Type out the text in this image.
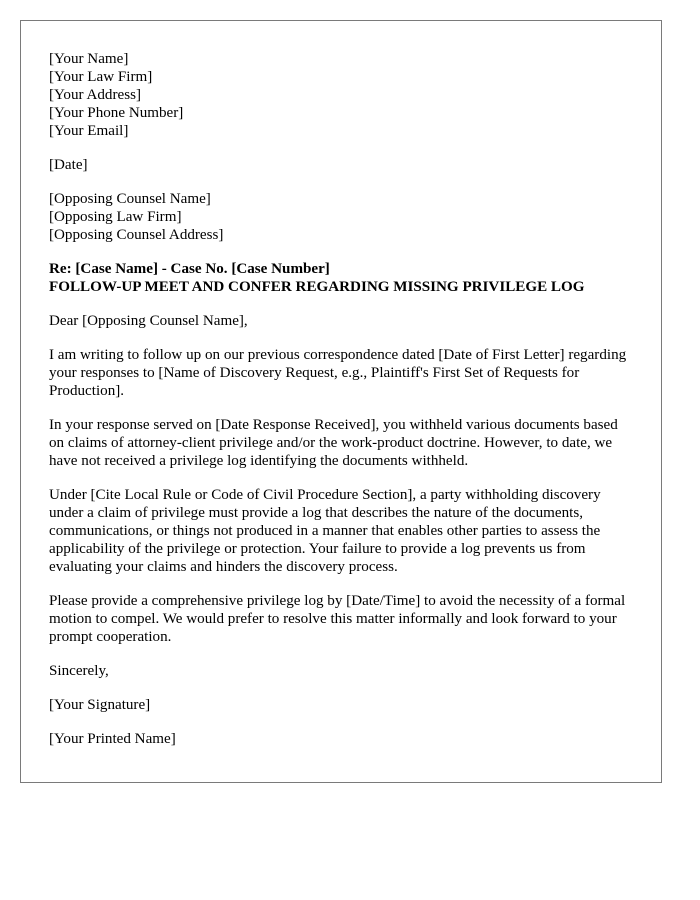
[Your Name]
[Your Law Firm]
[Your Address]
[Your Phone Number]
[Your Email]
[Date]
[Opposing Counsel Name]
[Opposing Law Firm]
[Opposing Counsel Address]
Re: [Case Name] - Case No. [Case Number]
FOLLOW-UP MEET AND CONFER REGARDING MISSING PRIVILEGE LOG

Dear [Opposing Counsel Name],

I am writing to follow up on our previous correspondence dated [Date of First Letter] regarding your responses to [Name of Discovery Request, e.g., Plaintiff's First Set of Requests for Production].

In your response served on [Date Response Received], you withheld various documents based on claims of attorney-client privilege and/or the work-product doctrine. However, to date, we have not received a privilege log identifying the documents withheld.

Under [Cite Local Rule or Code of Civil Procedure Section], a party withholding discovery under a claim of privilege must provide a log that describes the nature of the documents, communications, or things not produced in a manner that enables other parties to assess the applicability of the privilege or protection. Your failure to provide a log prevents us from evaluating your claims and hinders the discovery process.

Please provide a comprehensive privilege log by [Date/Time] to avoid the necessity of a formal motion to compel. We would prefer to resolve this matter informally and look forward to your prompt cooperation.

Sincerely,

[Your Signature]

[Your Printed Name]
